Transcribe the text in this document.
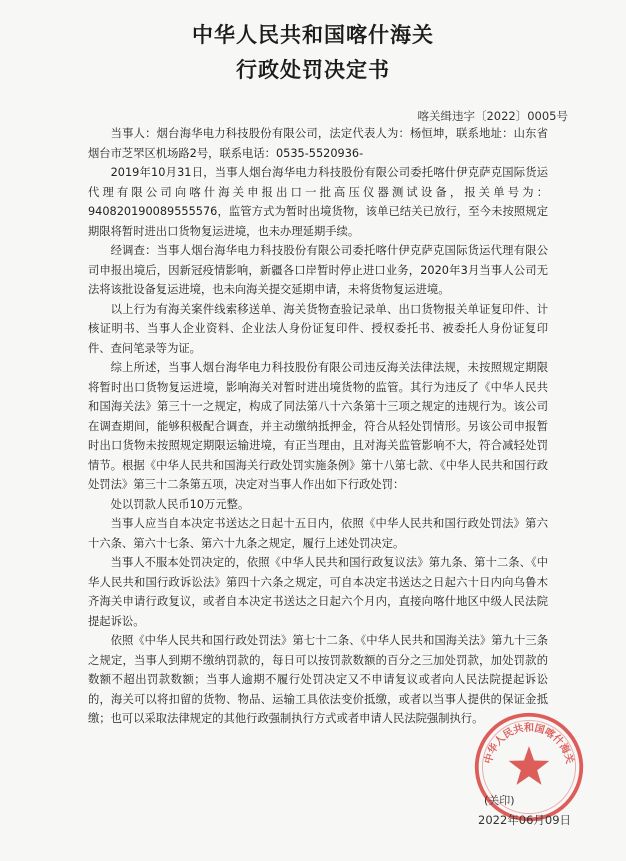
中华人民共和国喀什海关
行政处罚决定书
喀关缉违字〔2022〕0005号

当事人：烟台海华电力科技股份有限公司，法定代表人为：杨恒坤，联系地址：山东省烟台市芝罘区机场路2号，联系电话：0535-5520936-

2019年10月31日，当事人烟台海华电力科技股份有限公司委托喀什伊克萨克国际货运代理有限公司向喀什海关申报出口一批高压仪器测试设备，报关单号为：940820190089555576，监管方式为暂时出境货物，该单已结关已放行，至今未按照规定期限将暂时进出口货物复运进境，也未办理延期手续。

经调查：当事人烟台海华电力科技股份有限公司委托喀什伊克萨克国际货运代理有限公司申报出境后，因新冠疫情影响，新疆各口岸暂时停止进口业务，2020年3月当事人公司无法将该批设备复运进境，也未向海关提交延期申请，未将货物复运进境。

以上行为有海关案件线索移送单、海关货物查验记录单、出口货物报关单证复印件、计核证明书、当事人企业资料、企业法人身份证复印件、授权委托书、被委托人身份证复印件、查问笔录等为证。

综上所述，当事人烟台海华电力科技股份有限公司违反海关法律法规，未按照规定期限将暂时出口货物复运进境，影响海关对暂时进出境货物的监管。其行为违反了《中华人民共和国海关法》第三十一之规定，构成了同法第八十六条第十三项之规定的违规行为。该公司在调查期间，能够积极配合调查，并主动缴纳抵押金，符合从轻处罚情形。另该公司申报暂时出口货物未按照规定期限运输进境，有正当理由，且对海关监管影响不大，符合减轻处罚情节。根据《中华人民共和国海关行政处罚实施条例》第十八第七款、《中华人民共和国行政处罚法》第三十二条第五项，决定对当事人作出如下行政处罚：

处以罚款人民币10万元整。

当事人应当自本决定书送达之日起十五日内，依照《中华人民共和国行政处罚法》第六十六条、第六十七条、第六十九条之规定，履行上述处罚决定。

当事人不服本处罚决定的，依照《中华人民共和国行政复议法》第九条、第十二条、《中华人民共和国行政诉讼法》第四十六条之规定，可自本决定书送达之日起六十日内向乌鲁木齐海关申请行政复议，或者自本决定书送达之日起六个月内，直接向喀什地区中级人民法院提起诉讼。

依照《中华人民共和国行政处罚法》第七十二条、《中华人民共和国海关法》第九十三条之规定，当事人到期不缴纳罚款的，每日可以按罚款数额的百分之三加处罚款，加处罚款的数额不超出罚款数额；当事人逾期不履行处罚决定又不申请复议或者向人民法院提起诉讼的，海关可以将扣留的货物、物品、运输工具依法变价抵缴，或者以当事人提供的保证金抵缴；也可以采取法律规定的其他行政强制执行方式或者申请人民法院强制执行。

中华人民共和国喀什海关
(关印)
2022年06月09日
